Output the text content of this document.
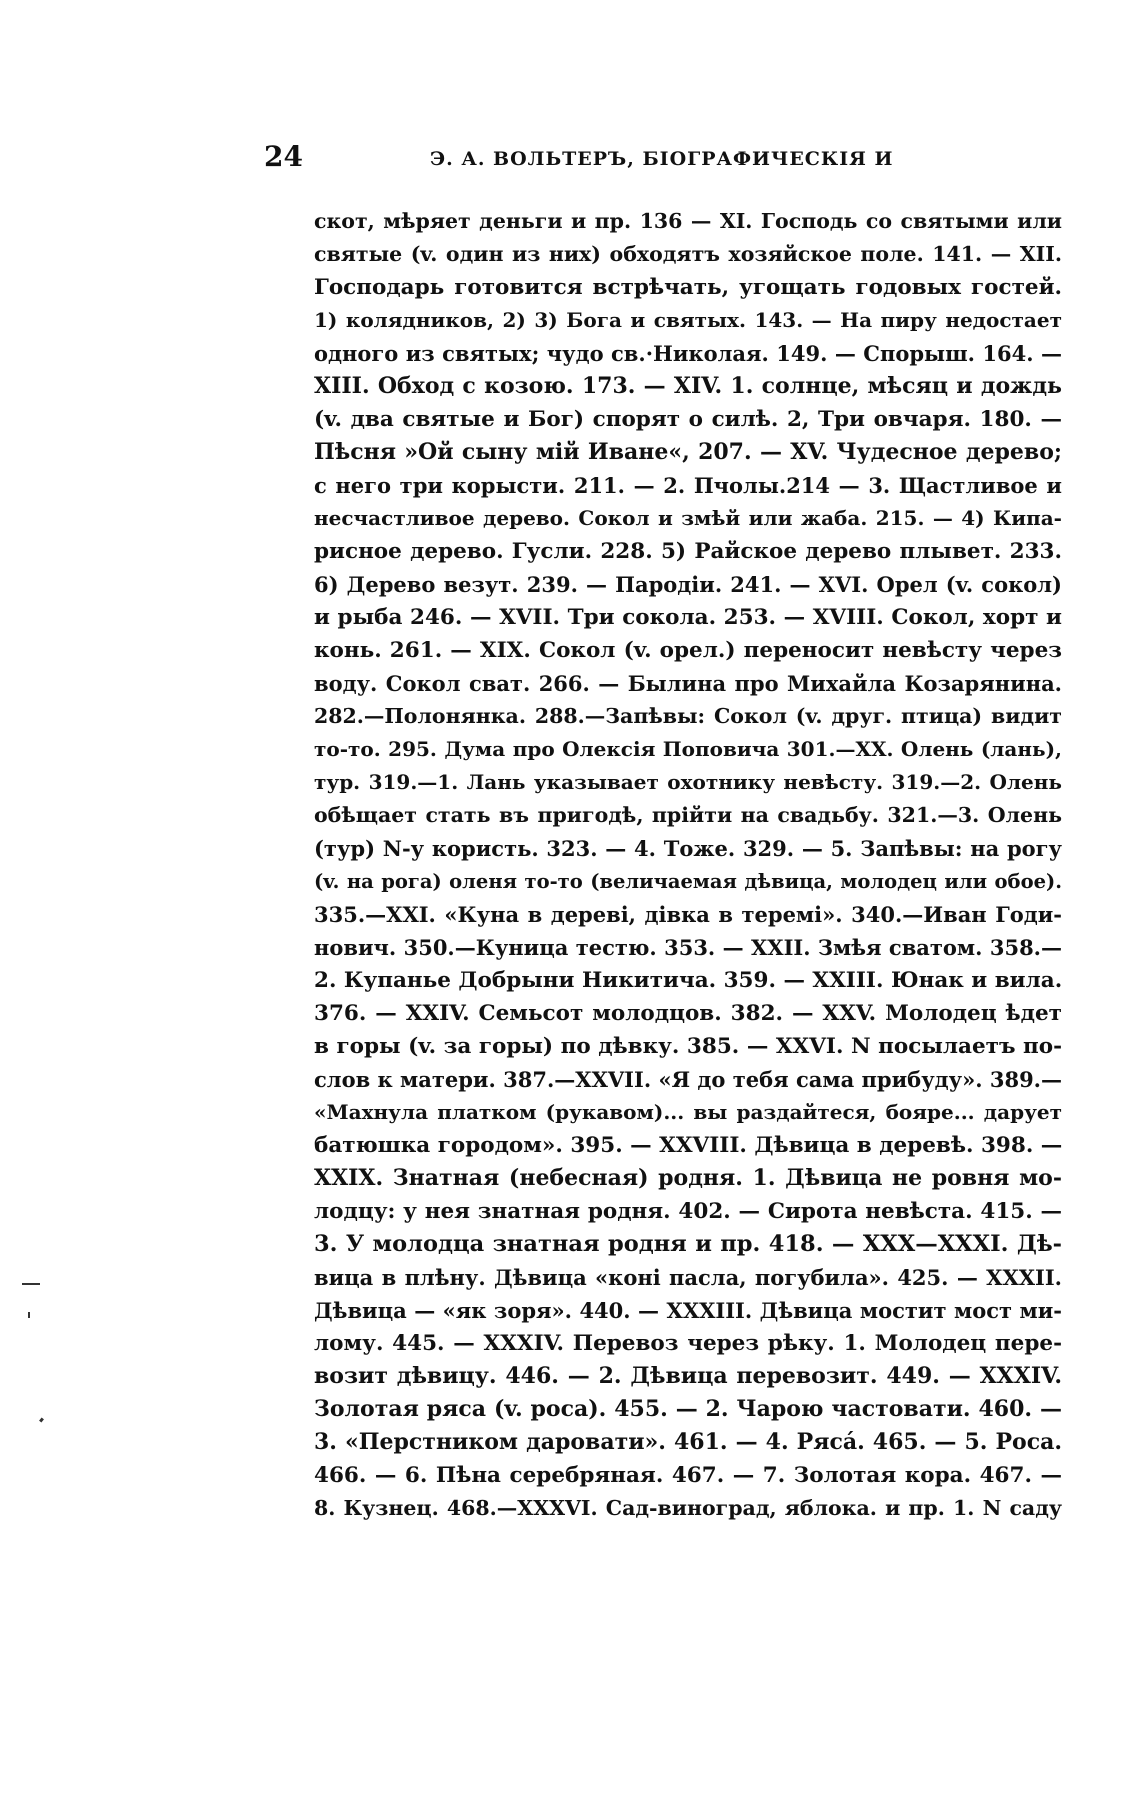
24	Э. А. ВОЛЬТЕРЪ, БІОГРАФИЧЕСКІЯ И
скот, мѣряет деньги и пр. 136 — XI. Господь со святыми или
святые (v. один из них) обходятъ хозяйское поле. 141. — XII.
Господарь готовится встрѣчать, угощать годовых гостей.
1) колядников, 2) 3) Бога и святых. 143. — На пиру недостает
одного из святых; чудо св.·Николая. 149. — Спорыш. 164. —
XIII. Обход с козою. 173. — XIV. 1. солнце, мѣсяц и дождь
(v. два святые и Бог) спорят о силѣ. 2, Три овчаря. 180. —
Пѣсня »Ой сыну мій Иване«, 207. — XV. Чудесное дерево;
с него три корысти. 211. — 2. Пчолы.214 — 3. Щастливое и
несчастливое дерево. Сокол и змѣй или жаба. 215. — 4) Кипа-
рисное дерево. Гусли. 228. 5) Райское дерево плывет. 233.
6) Дерево везут. 239. — Пародіи. 241. — XVI. Орел (v. сокол)
и рыба 246. — XVII. Три сокола. 253. — XVIII. Сокол, хорт и
конь. 261. — XIX. Сокол (v. орел.) переносит невѣсту через
воду. Сокол сват. 266. — Былина про Михайла Козарянина.
282.—Полонянка. 288.—Запѣвы: Сокол (v. друг. птица) видит
то-то. 295. Дума про Олексія Поповича 301.—XX. Олень (лань),
тур. 319.—1. Лань указывает охотнику невѣсту. 319.—2. Олень
обѣщает стать въ пригодѣ, прійти на свадьбу. 321.—3. Олень
(тур) N-у користь. 323. — 4. Тоже. 329. — 5. Запѣвы: на рогу
(v. на рога) оленя то-то (величаемая дѣвица, молодец или обое).
335.—XXI. «Куна в дереві, дівка в теремі». 340.—Иван Годи-
нович. 350.—Куница тестю. 353. — XXII. Змѣя сватом. 358.—
2. Купанье Добрыни Никитича. 359. — XXIII. Юнак и вила.
376. — XXIV. Семьсот молодцов. 382. — XXV. Молодец ѣдет
в горы (v. за горы) по дѣвку. 385. — XXVI. N посылаетъ по-
слов к матери. 387.—XXVII. «Я до тебя сама прибуду». 389.—
«Махнула платком (рукавом)... вы раздайтеся, бояре... дарует
батюшка городом». 395. — XXVIII. Дѣвица в деревѣ. 398. —
XXIX. Знатная (небесная) родня. 1. Дѣвица не ровня мо-
лодцу: у нея знатная родня. 402. — Сирота невѣста. 415. —
3. У молодца знатная родня и пр. 418. — XXX—XXXI. Дѣ-
вица в плѣну. Дѣвица «коні пасла, погубила». 425. — XXXII.
Дѣвица — «як зоря». 440. — XXXIII. Дѣвица мостит мост ми-
лому. 445. — XXXIV. Перевоз через рѣку. 1. Молодец пере-
возит дѣвицу. 446. — 2. Дѣвица перевозит. 449. — XXXIV.
Золотая ряса (v. роса). 455. — 2. Чарою частовати. 460. —
3. «Перстником даровати». 461. — 4. Рясá. 465. — 5. Роса.
466. — 6. Пѣна серебряная. 467. — 7. Золотая кора. 467. —
8. Кузнец. 468.—XXXVI. Сад-виноград, яблока. и пр. 1. N саду
